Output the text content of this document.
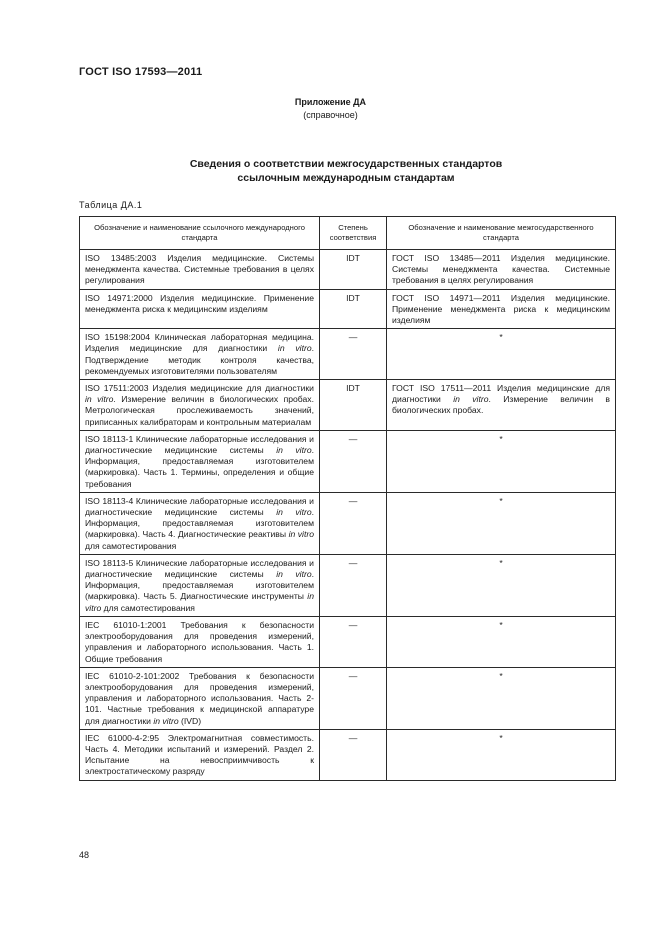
ГОСТ ISO 17593—2011
Приложение ДА
(справочное)
Сведения о соответствии межгосударственных стандартов
ссылочным международным стандартам
Таблица ДА.1
Обозначение и наименование ссылочного международного стандарта	Степень соответствия	Обозначение и наименование межгосударственного стандарта
ISO 13485:2003 Изделия медицинские. Системы менеджмента качества. Системные требования в целях регулирования	IDT	ГОСТ ISO 13485—2011 Изделия медицинские. Системы менеджмента качества. Системные требования в целях регулирования
ISO 14971:2000 Изделия медицинские. Применение менеджмента риска к медицинским изделиям	IDT	ГОСТ ISO 14971—2011 Изделия медицинские. Применение менеджмента риска к медицинским изделиям
ISO 15198:2004 Клиническая лабораторная медицина. Изделия медицинские для диагностики in vitro. Подтверждение методик контроля качества, рекомендуемых изготовителями пользователям	—	*
ISO 17511:2003 Изделия медицинские для диагностики in vitro. Измерение величин в биологических пробах. Метрологическая прослеживаемость значений, приписанных калибраторам и контрольным материалам	IDT	ГОСТ ISO 17511—2011 Изделия медицинские для диагностики in vitro. Измерение величин в биологических пробах.
ISO 18113-1 Клинические лабораторные исследования и диагностические медицинские системы in vitro. Информация, предоставляемая изготовителем (маркировка). Часть 1. Термины, определения и общие требования	—	*
ISO 18113-4 Клинические лабораторные исследования и диагностические медицинские системы in vitro. Информация, предоставляемая изготовителем (маркировка). Часть 4. Диагностические реактивы in vitro для самотестирования	—	*
ISO 18113-5 Клинические лабораторные исследования и диагностические медицинские системы in vitro. Информация, предоставляемая изготовителем (маркировка). Часть 5. Диагностические инструменты in vitro для самотестирования	—	*
IEC 61010-1:2001 Требования к безопасности электрооборудования для проведения измерений, управления и лабораторного использования. Часть 1. Общие требования	—	*
IEC 61010-2-101:2002 Требования к безопасности электрооборудования для проведения измерений, управления и лабораторного использования. Часть 2-101. Частные требования к медицинской аппаратуре для диагностики in vitro (IVD)	—	*
IEC 61000-4-2:95 Электромагнитная совместимость. Часть 4. Методики испытаний и измерений. Раздел 2. Испытание на невосприимчивость к электростатическому разряду	—	*
48
